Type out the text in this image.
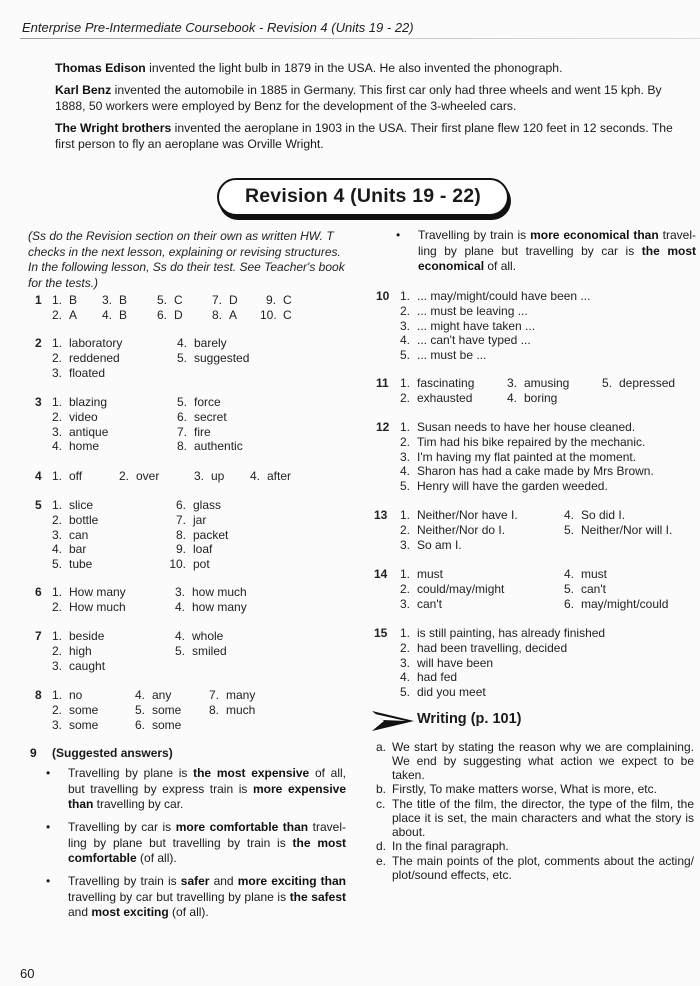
Enterprise Pre-Intermediate Coursebook - Revision 4 (Units 19 - 22)
Thomas Edison invented the light bulb in 1879 in the USA. He also invented the phonograph.
Karl Benz invented the automobile in 1885 in Germany. This first car only had three wheels and went 15 kph. By 1888, 50 workers were employed by Benz for the development of the 3-wheeled cars.
The Wright brothers invented the aeroplane in 1903 in the USA. Their first plane flew 120 feet in 12 seconds. The first person to fly an aeroplane was Orville Wright.
Revision 4 (Units 19 - 22)
(Ss do the Revision section on their own as written HW. T checks in the next lesson, explaining or revising structures. In the following lesson, Ss do their test. See Teacher's book for the tests.)
1 1. B
2. A
3. B
4. B
5. C
6. D
7. D
8. A
9. C
10. C
2 1. laboratory
2. reddened
3. floated
4. barely
5. suggested
3 1. blazing
2. video
3. antique
4. home
5. force
6. secret
7. fire
8. authentic
4 1. off	2. over	3. up 4. after
5 1. slice
2. bottle
3. can
4. bar
5. tube
6. glass
7. jar
8. packet
9. loaf
10. pot
6 1. How many
2. How much
3. how much
4. how many
7 1. beside
2. high
3. caught
4. whole
5. smiled
8 1. no
2. some
3. some
4. any
5. some
6. some
7. many
8. much
10 1. ... may/might/could have been ...
2. ... must be leaving ...
3. ... might have taken ...
4. ... can't have typed ...
5. ... must be ...
11 1. fascinating
2. exhausted
3. amusing
4. boring
5. depressed
12 1. Susan needs to have her house cleaned.
2. Tim had his bike repaired by the mechanic.
3. I'm having my flat painted at the moment.
4. Sharon has had a cake made by Mrs Brown.
5. Henry will have the garden weeded.
13 1. Neither/Nor have I.
2. Neither/Nor do I.
3. So am I.
4. So did I.
5. Neither/Nor will I.
14 1. must
2. could/may/might
3. can't
4. must
5. can't
6. may/might/could
15 1. is still painting, has already finished
2. had been travelling, decided
3. will have been
4. had fed
5. did you meet
9 (Suggested answers)
• Travelling by plane is the most expensive of all, but travelling by express train is more expensive than travelling by car.
• Travelling by car is more comfortable than travel-ling by plane but travelling by train is the most comfortable (of all).
• Travelling by train is safer and more exciting than travelling by car but travelling by plane is the safest and most exciting (of all).
• Travelling by train is more economical than travel-ling by plane but travelling by car is the most economical of all.
Writing (p. 101)
a. We start by stating the reason why we are complaining. We end by suggesting what action we expect to be taken.
b. Firstly, To make matters worse, What is more, etc.
c. The title of the film, the director, the type of the film, the place it is set, the main characters and what the story is about.
d. In the final paragraph.
e. The main points of the plot, comments about the acting/ plot/sound effects, etc.
60
